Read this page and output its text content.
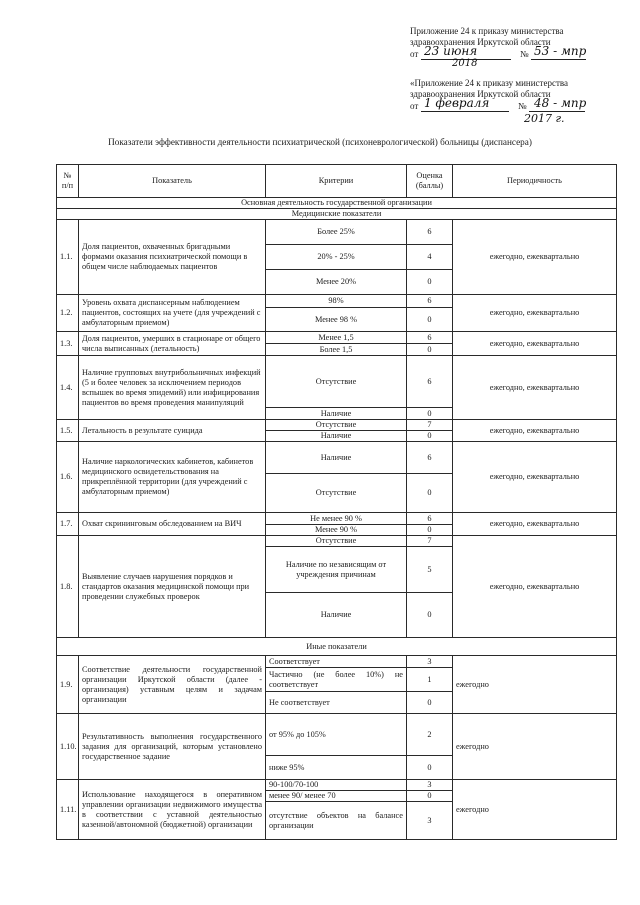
Приложение 24 к приказу министерства
здравоохранения Иркутской области
от	№
23 июня
2018
53 - мпр
«Приложение 24 к приказу министерства
здравоохранения Иркутской области
от	№
1 февраля	48 - мпр
2017 г.
Показатели эффективности деятельности психиатрической (психоневрологической) больницы (диспансера)
№ п/п	Показатель	Критерии	Оценка (баллы)	Периодичность
Основная деятельность государственной организации				
Медицинские показатели				
1.1.	Доля пациентов, охваченных бригадными формами оказания психиатрической помощи в общем числе наблюдаемых пациентов	Более 25%	6	ежегодно, ежеквартально
		20% - 25%	4	
		Менее 20%	0	
1.2.	Уровень охвата диспансерным наблюдением пациентов, состоящих на учете (для учреждений с амбулаторным приемом)	98%	6	ежегодно, ежеквартально
		Менее 98 %	0	
1.3.	Доля пациентов, умерших в стационаре от общего числа выписанных (летальность)	Менее 1,5	6	ежегодно, ежеквартально
		Более 1,5	0	
1.4.	Наличие групповых внутрибольничных инфекций (5 и более человек за исключением периодов вспышек во время эпидемий) или инфицирования пациентов во время проведения манипуляций	Отсутствие	6	ежегодно, ежеквартально
		Наличие	0	
1.5.	Летальность в результате суицида	Отсутствие	7	ежегодно, ежеквартально
		Наличие	0	
1.6.	Наличие наркологических кабинетов, кабинетов медицинского освидетельствования на прикреплённой территории (для учреждений с амбулаторным приемом)	Наличие	6	ежегодно, ежеквартально
		Отсутствие	0	
1.7.	Охват скрининговым обследованием на ВИЧ	Не менее 90 %	6	ежегодно, ежеквартально
		Менее 90 %	0	
1.8.	Выявление случаев нарушения порядков и стандартов оказания медицинской помощи при проведении служебных проверок	Отсутствие	7	ежегодно, ежеквартально
		Наличие по независящим от учреждения причинам	5	
		Наличие	0	
Иные показатели				
1.9.	Соответствие деятельности государственной организации Иркутской области (далее - организация) уставным целям и задачам организации	Соответствует	3	ежегодно
		Частично (не более 10%) не соответствует	1	
		Не соответствует	0	
1.10.	Результативность выполнения государственного задания для организаций, которым установлено государственное задание	от 95% до 105%	2	ежегодно
		ниже 95%	0	
1.11.	Использование находящегося в оперативном управлении организации недвижимого имущества в соответствии с уставной деятельностью казенной/автономной (бюджетной) организации	90-100/70-100	3	ежегодно
		менее 90/ менее 70	0	
		отсутствие объектов на балансе организации	3	
